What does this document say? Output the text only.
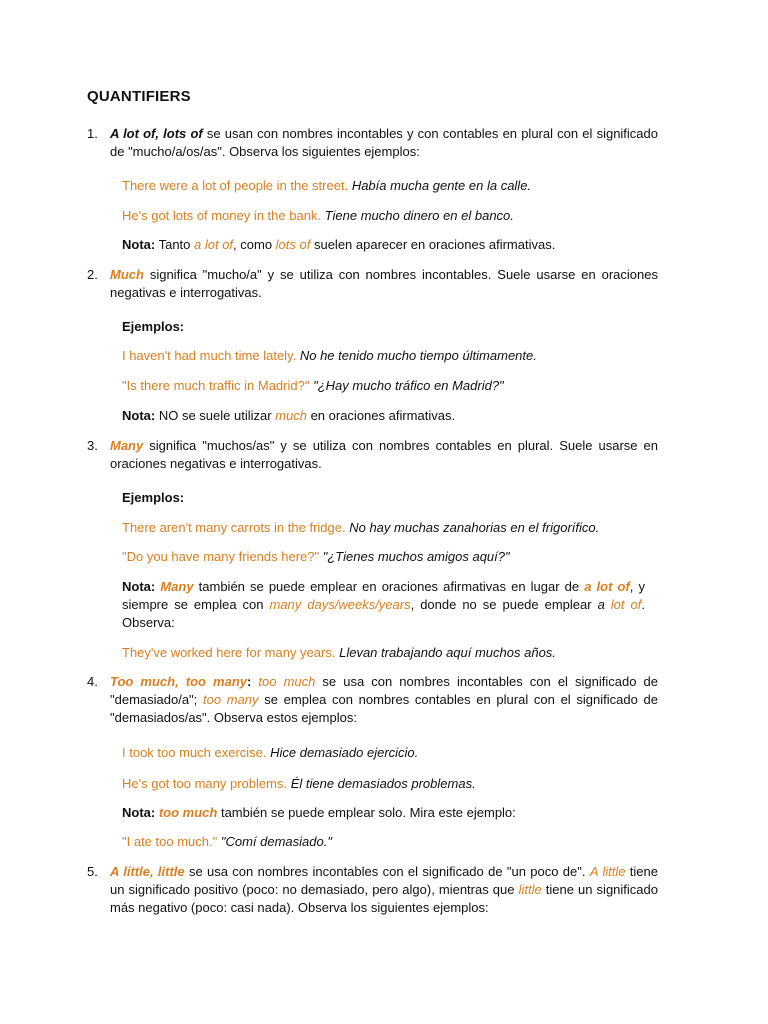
QUANTIFIERS
1. A lot of, lots of se usan con nombres incontables y con contables en plural con el significado de "mucho/a/os/as". Observa los siguientes ejemplos:
There were a lot of people in the street. Había mucha gente en la calle.
He's got lots of money in the bank. Tiene mucho dinero en el banco.
Nota: Tanto a lot of, como lots of suelen aparecer en oraciones afirmativas.
2. Much significa "mucho/a" y se utiliza con nombres incontables. Suele usarse en oraciones negativas e interrogativas.
Ejemplos:
I haven't had much time lately. No he tenido mucho tiempo últimamente.
"Is there much traffic in Madrid?" "¿Hay mucho tráfico en Madrid?"
Nota: NO se suele utilizar much en oraciones afirmativas.
3. Many significa "muchos/as" y se utiliza con nombres contables en plural. Suele usarse en oraciones negativas e interrogativas.
Ejemplos:
There aren't many carrots in the fridge. No hay muchas zanahorias en el frigorífico.
"Do you have many friends here?" "¿Tienes muchos amigos aquí?"
Nota: Many también se puede emplear en oraciones afirmativas en lugar de a lot of, y siempre se emplea con many days/weeks/years, donde no se puede emplear a lot of. Observa:
They've worked here for many years. Llevan trabajando aquí muchos años.
4. Too much, too many: too much se usa con nombres incontables con el significado de "demasiado/a"; too many se emplea con nombres contables en plural con el significado de "demasiados/as". Observa estos ejemplos:
I took too much exercise. Hice demasiado ejercicio.
He's got too many problems. Él tiene demasiados problemas.
Nota: too much también se puede emplear solo. Mira este ejemplo:
"I ate too much." "Comí demasiado."
5. A little, little se usa con nombres incontables con el significado de "un poco de". A little tiene un significado positivo (poco: no demasiado, pero algo), mientras que little tiene un significado más negativo (poco: casi nada). Observa los siguientes ejemplos:
